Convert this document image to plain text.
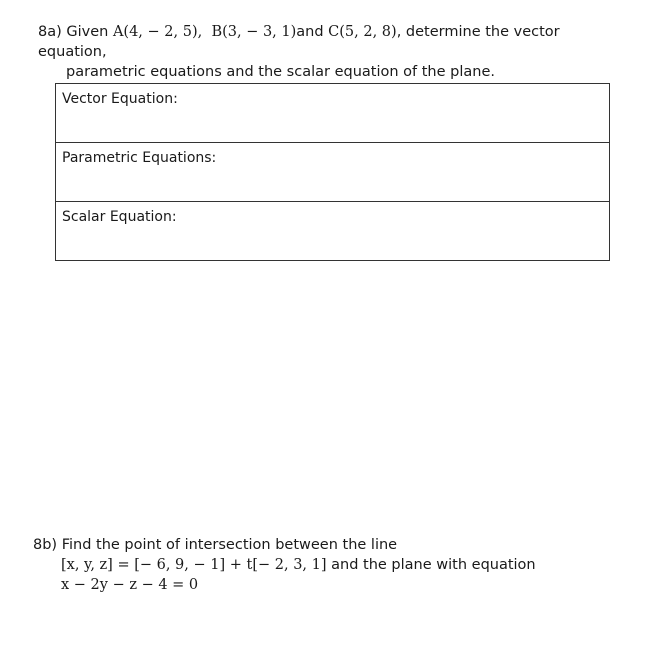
8a) Given A(4, − 2, 5), B(3, − 3, 1)and C(5, 2, 8), determine the vector equation,
parametric equations and the scalar equation of the plane.
Vector Equation:
Parametric Equations:
Scalar Equation:
8b) Find the point of intersection between the line
[x, y, z] = [− 6, 9, − 1] + t[− 2, 3, 1] and the plane with equation
x − 2y − z − 4 = 0
